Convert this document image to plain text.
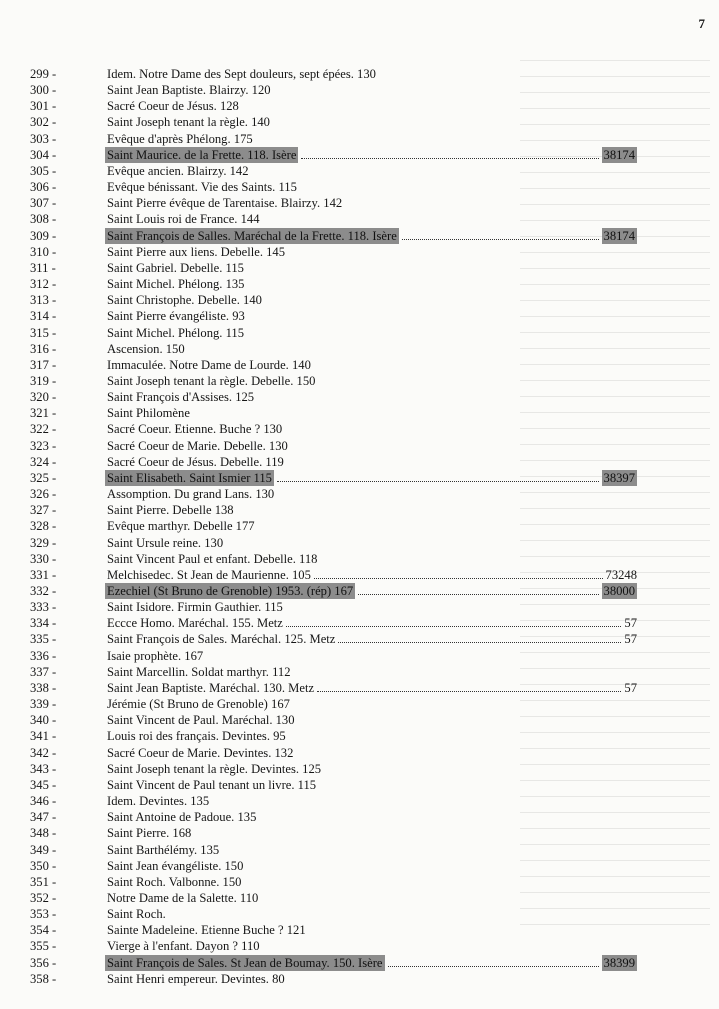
7
299 -	Idem. Notre Dame des Sept douleurs, sept épées. 130
300 -	Saint Jean Baptiste. Blairzy. 120
301 -	Sacré Coeur de Jésus. 128
302 -	Saint Joseph tenant la règle. 140
303 -	Evêque d'après Phélong. 175
304 -	Saint Maurice. de la Frette. 118. Isère	38174
305 -	Evêque ancien. Blairzy. 142
306 -	Evêque bénissant. Vie des Saints. 115
307 -	Saint Pierre évêque de Tarentaise. Blairzy. 142
308 -	Saint Louis roi de France. 144
309 -	Saint François de Salles. Maréchal de la Frette. 118. Isère	38174
310 -	Saint Pierre aux liens. Debelle. 145
311 -	Saint Gabriel. Debelle. 115
312 -	Saint Michel. Phélong. 135
313 -	Saint Christophe. Debelle. 140
314 -	Saint Pierre évangéliste. 93
315 -	Saint Michel. Phélong. 115
316 -	Ascension. 150
317 -	Immaculée. Notre Dame de Lourde. 140
319 -	Saint Joseph tenant la règle. Debelle. 150
320 -	Saint François d'Assises. 125
321 -	Saint Philomène
322 -	Sacré Coeur. Etienne. Buche ? 130
323 -	Sacré Coeur de Marie. Debelle. 130
324 -	Sacré Coeur de Jésus. Debelle. 119
325 -	Saint Elisabeth. Saint Ismier 115	38397
326 -	Assomption. Du grand Lans. 130
327 -	Saint Pierre. Debelle 138
328 -	Evêque marthyr. Debelle 177
329 -	Saint Ursule reine. 130
330 -	Saint Vincent Paul et enfant. Debelle. 118
331 -	Melchisedec. St Jean de Maurienne. 105	73248
332 -	Ezechiel (St Bruno de Grenoble) 1953. (rép) 167	38000
333 -	Saint Isidore. Firmin Gauthier. 115
334 -	Eccce Homo. Maréchal. 155. Metz	57
335 -	Saint François de Sales. Maréchal. 125. Metz	57
336 -	Isaie prophète. 167
337 -	Saint Marcellin. Soldat marthyr. 112
338 -	Saint Jean Baptiste. Maréchal. 130. Metz	57
339 -	Jérémie (St Bruno de Grenoble) 167
340 -	Saint Vincent de Paul. Maréchal. 130
341 -	Louis roi des français. Devintes. 95
342 -	Sacré Coeur de Marie. Devintes. 132
343 -	Saint Joseph tenant la règle. Devintes. 125
345 -	Saint Vincent de Paul tenant un livre. 115
346 -	Idem. Devintes. 135
347 -	Saint Antoine de Padoue. 135
348 -	Saint Pierre. 168
349 -	Saint Barthélémy. 135
350 -	Saint Jean évangéliste. 150
351 -	Saint Roch. Valbonne. 150
352 -	Notre Dame de la Salette. 110
353 -	Saint Roch.
354 -	Sainte Madeleine. Etienne Buche ? 121
355 -	Vierge à l'enfant. Dayon ? 110
356 -	Saint François de Sales. St Jean de Boumay. 150. Isère	38399
358 -	Saint Henri empereur. Devintes. 80
